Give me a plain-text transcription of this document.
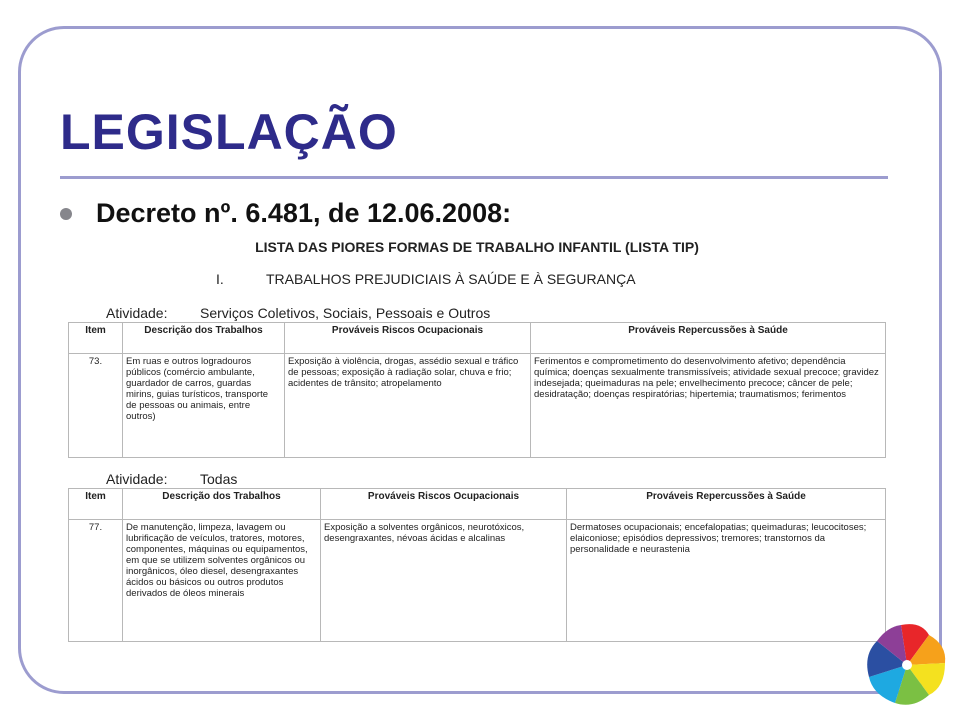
LEGISLAÇÃO
Decreto nº. 6.481, de 12.06.2008:
LISTA DAS PIORES FORMAS DE TRABALHO INFANTIL (LISTA TIP)
I.	TRABALHOS PREJUDICIAIS À SAÚDE E À SEGURANÇA
Atividade: Serviços Coletivos, Sociais, Pessoais e Outros
Item	Descrição dos Trabalhos	Prováveis Riscos Ocupacionais	Prováveis Repercussões à Saúde
73.	Em ruas e outros logradouros públicos (comércio ambulante, guardador de carros, guardas mirins, guias turísticos, transporte de pessoas ou animais, entre outros)	Exposição à violência, drogas, assédio sexual e tráfico de pessoas; exposição à radiação solar, chuva e frio; acidentes de trânsito; atropelamento	Ferimentos e comprometimento do desenvolvimento afetivo; dependência química; doenças sexualmente transmissíveis; atividade sexual precoce; gravidez indesejada; queimaduras na pele; envelhecimento precoce; câncer de pele; desidratação; doenças respiratórias; hipertemia; traumatismos; ferimentos
Atividade: Todas
Item	Descrição dos Trabalhos	Prováveis Riscos Ocupacionais	Prováveis Repercussões à Saúde
77.	De manutenção, limpeza, lavagem ou lubrificação de veículos, tratores, motores, componentes, máquinas ou equipamentos, em que se utilizem solventes orgânicos ou inorgânicos, óleo diesel, desengraxantes ácidos ou básicos ou outros produtos derivados de óleos minerais	Exposição a solventes orgânicos, neurotóxicos, desengraxantes, névoas ácidas e alcalinas	Dermatoses ocupacionais; encefalopatias; queimaduras; leucocitoses; elaiconiose; episódios depressivos; tremores; transtornos da personalidade e neurastenia
